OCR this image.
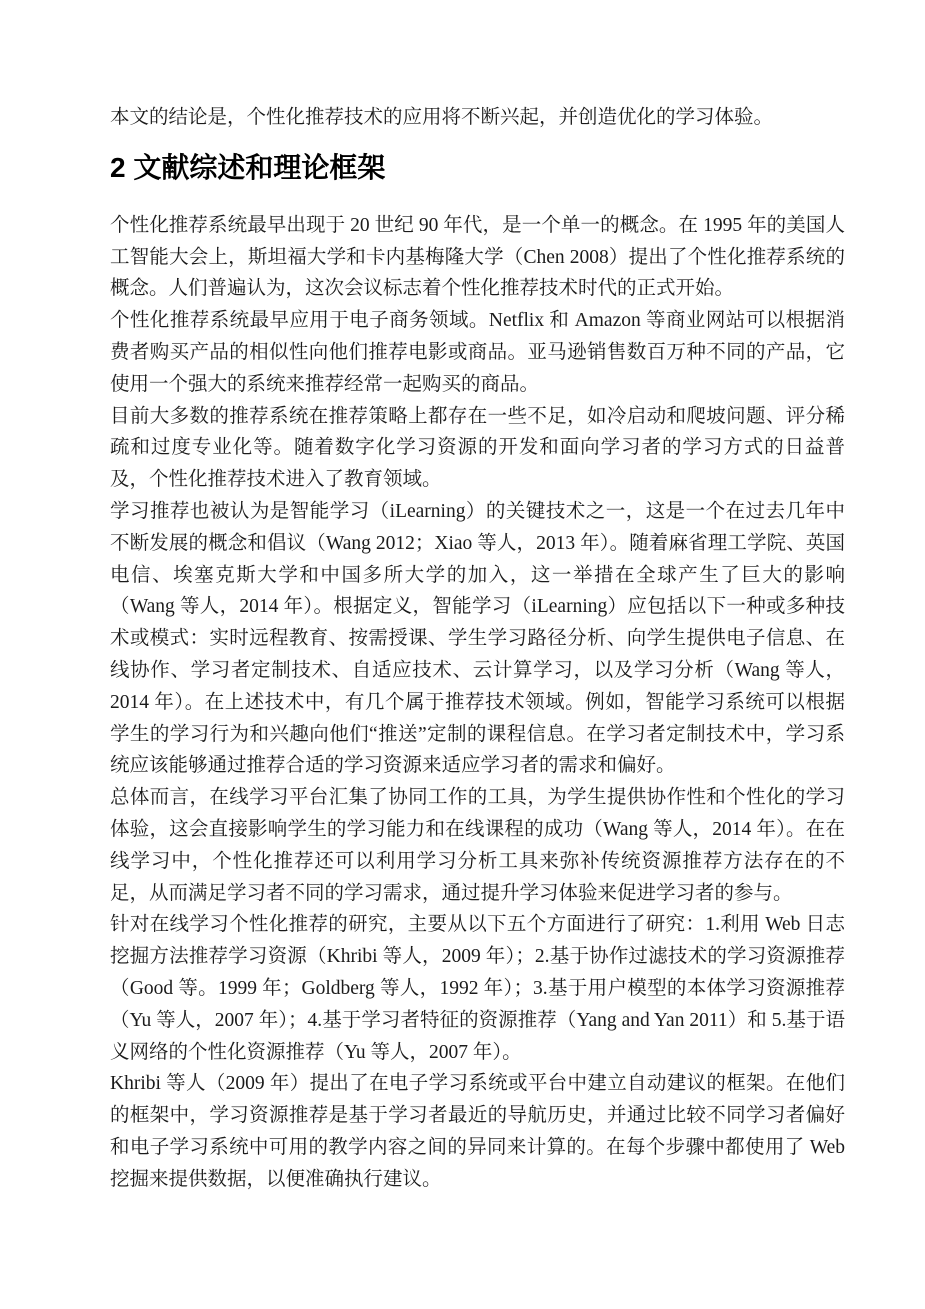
本文的结论是，个性化推荐技术的应用将不断兴起，并创造优化的学习体验。

2 文献综述和理论框架

个性化推荐系统最早出现于 20 世纪 90 年代，是一个单一的概念。在 1995 年的美国人工智能大会上，斯坦福大学和卡内基梅隆大学（Chen 2008）提出了个性化推荐系统的概念。人们普遍认为，这次会议标志着个性化推荐技术时代的正式开始。

个性化推荐系统最早应用于电子商务领域。Netflix 和 Amazon 等商业网站可以根据消费者购买产品的相似性向他们推荐电影或商品。亚马逊销售数百万种不同的产品，它使用一个强大的系统来推荐经常一起购买的商品。

目前大多数的推荐系统在推荐策略上都存在一些不足，如冷启动和爬坡问题、评分稀疏和过度专业化等。随着数字化学习资源的开发和面向学习者的学习方式的日益普及，个性化推荐技术进入了教育领域。

学习推荐也被认为是智能学习（iLearning）的关键技术之一，这是一个在过去几年中不断发展的概念和倡议（Wang 2012；Xiao 等人，2013 年）。随着麻省理工学院、英国电信、埃塞克斯大学和中国多所大学的加入，这一举措在全球产生了巨大的影响（Wang 等人，2014 年）。根据定义，智能学习（iLearning）应包括以下一种或多种技术或模式：实时远程教育、按需授课、学生学习路径分析、向学生提供电子信息、在线协作、学习者定制技术、自适应技术、云计算学习，以及学习分析（Wang 等人，2014 年）。在上述技术中，有几个属于推荐技术领域。例如，智能学习系统可以根据学生的学习行为和兴趣向他们“推送”定制的课程信息。在学习者定制技术中，学习系统应该能够通过推荐合适的学习资源来适应学习者的需求和偏好。

总体而言，在线学习平台汇集了协同工作的工具，为学生提供协作性和个性化的学习体验，这会直接影响学生的学习能力和在线课程的成功（Wang 等人，2014 年）。在在线学习中，个性化推荐还可以利用学习分析工具来弥补传统资源推荐方法存在的不足，从而满足学习者不同的学习需求，通过提升学习体验来促进学习者的参与。

针对在线学习个性化推荐的研究，主要从以下五个方面进行了研究：1.利用 Web 日志挖掘方法推荐学习资源（Khribi 等人，2009 年）；2.基于协作过滤技术的学习资源推荐（Good 等。1999 年；Goldberg 等人，1992 年）；3.基于用户模型的本体学习资源推荐（Yu 等人，2007 年）；4.基于学习者特征的资源推荐（Yang and Yan 2011）和 5.基于语义网络的个性化资源推荐（Yu 等人，2007 年）。

Khribi 等人（2009 年）提出了在电子学习系统或平台中建立自动建议的框架。在他们的框架中，学习资源推荐是基于学习者最近的导航历史，并通过比较不同学习者偏好和电子学习系统中可用的教学内容之间的异同来计算的。在每个步骤中都使用了 Web 挖掘来提供数据，以便准确执行建议。
